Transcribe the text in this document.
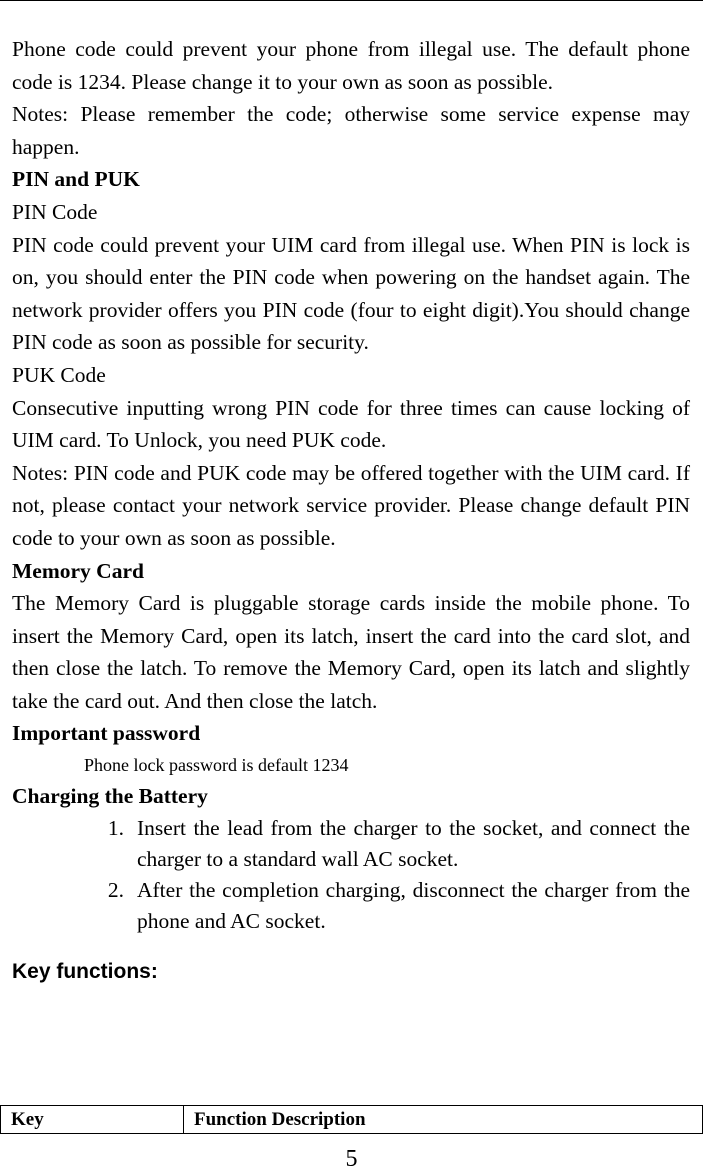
Phone code could prevent your phone from illegal use. The default phone code is 1234. Please change it to your own as soon as possible.

Notes: Please remember the code; otherwise some service expense may happen.

PIN and PUK

PIN Code

PIN code could prevent your UIM card from illegal use. When PIN is lock is on, you should enter the PIN code when powering on the handset again. The network provider offers you PIN code (four to eight digit).You should change PIN code as soon as possible for security.

PUK Code

Consecutive inputting wrong PIN code for three times can cause locking of UIM card. To Unlock, you need PUK code.

Notes: PIN code and PUK code may be offered together with the UIM card. If not, please contact your network service provider. Please change default PIN code to your own as soon as possible.

Memory Card

The Memory Card is pluggable storage cards inside the mobile phone. To insert the Memory Card, open its latch, insert the card into the card slot, and then close the latch. To remove the Memory Card, open its latch and slightly take the card out. And then close the latch.

Important password

Phone lock password is default 1234

Charging the Battery

1. Insert the lead from the charger to the socket, and connect the charger to a standard wall AC socket.
2. After the completion charging, disconnect the charger from the phone and AC socket.

Key functions:

Key	Function Description
5
